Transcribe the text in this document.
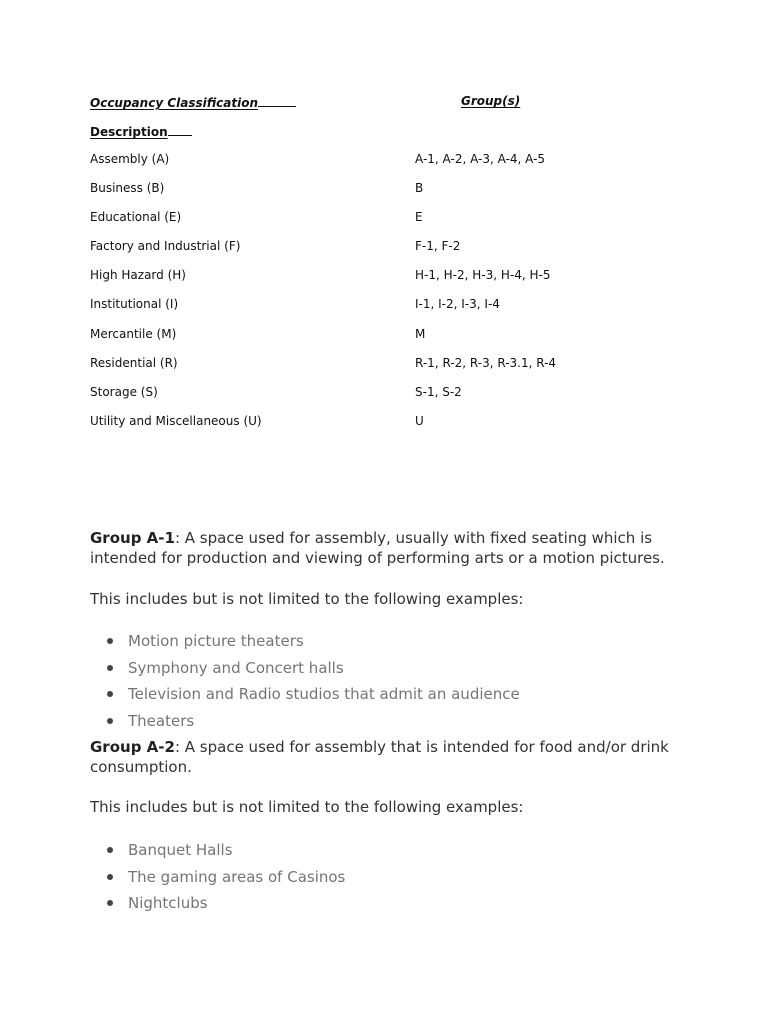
Occupancy Classification	Group(s)
Description
Assembly (A)	A-1, A-2, A-3, A-4, A-5
Business (B)	B
Educational (E)	E
Factory and Industrial (F)	F-1, F-2
High Hazard (H)	H-1, H-2, H-3, H-4, H-5
Institutional (I)	I-1, I-2, I-3, I-4
Mercantile (M)	M
Residential (R)	R-1, R-2, R-3, R-3.1, R-4
Storage (S)	S-1, S-2
Utility and Miscellaneous (U)	U
Group A-1: A space used for assembly, usually with fixed seating which is intended for production and viewing of performing arts or a motion pictures.
This includes but is not limited to the following examples:
Motion picture theaters
Symphony and Concert halls
Television and Radio studios that admit an audience
Theaters
Group A-2: A space used for assembly that is intended for food and/or drink consumption.
This includes but is not limited to the following examples:
Banquet Halls
The gaming areas of Casinos
Nightclubs
